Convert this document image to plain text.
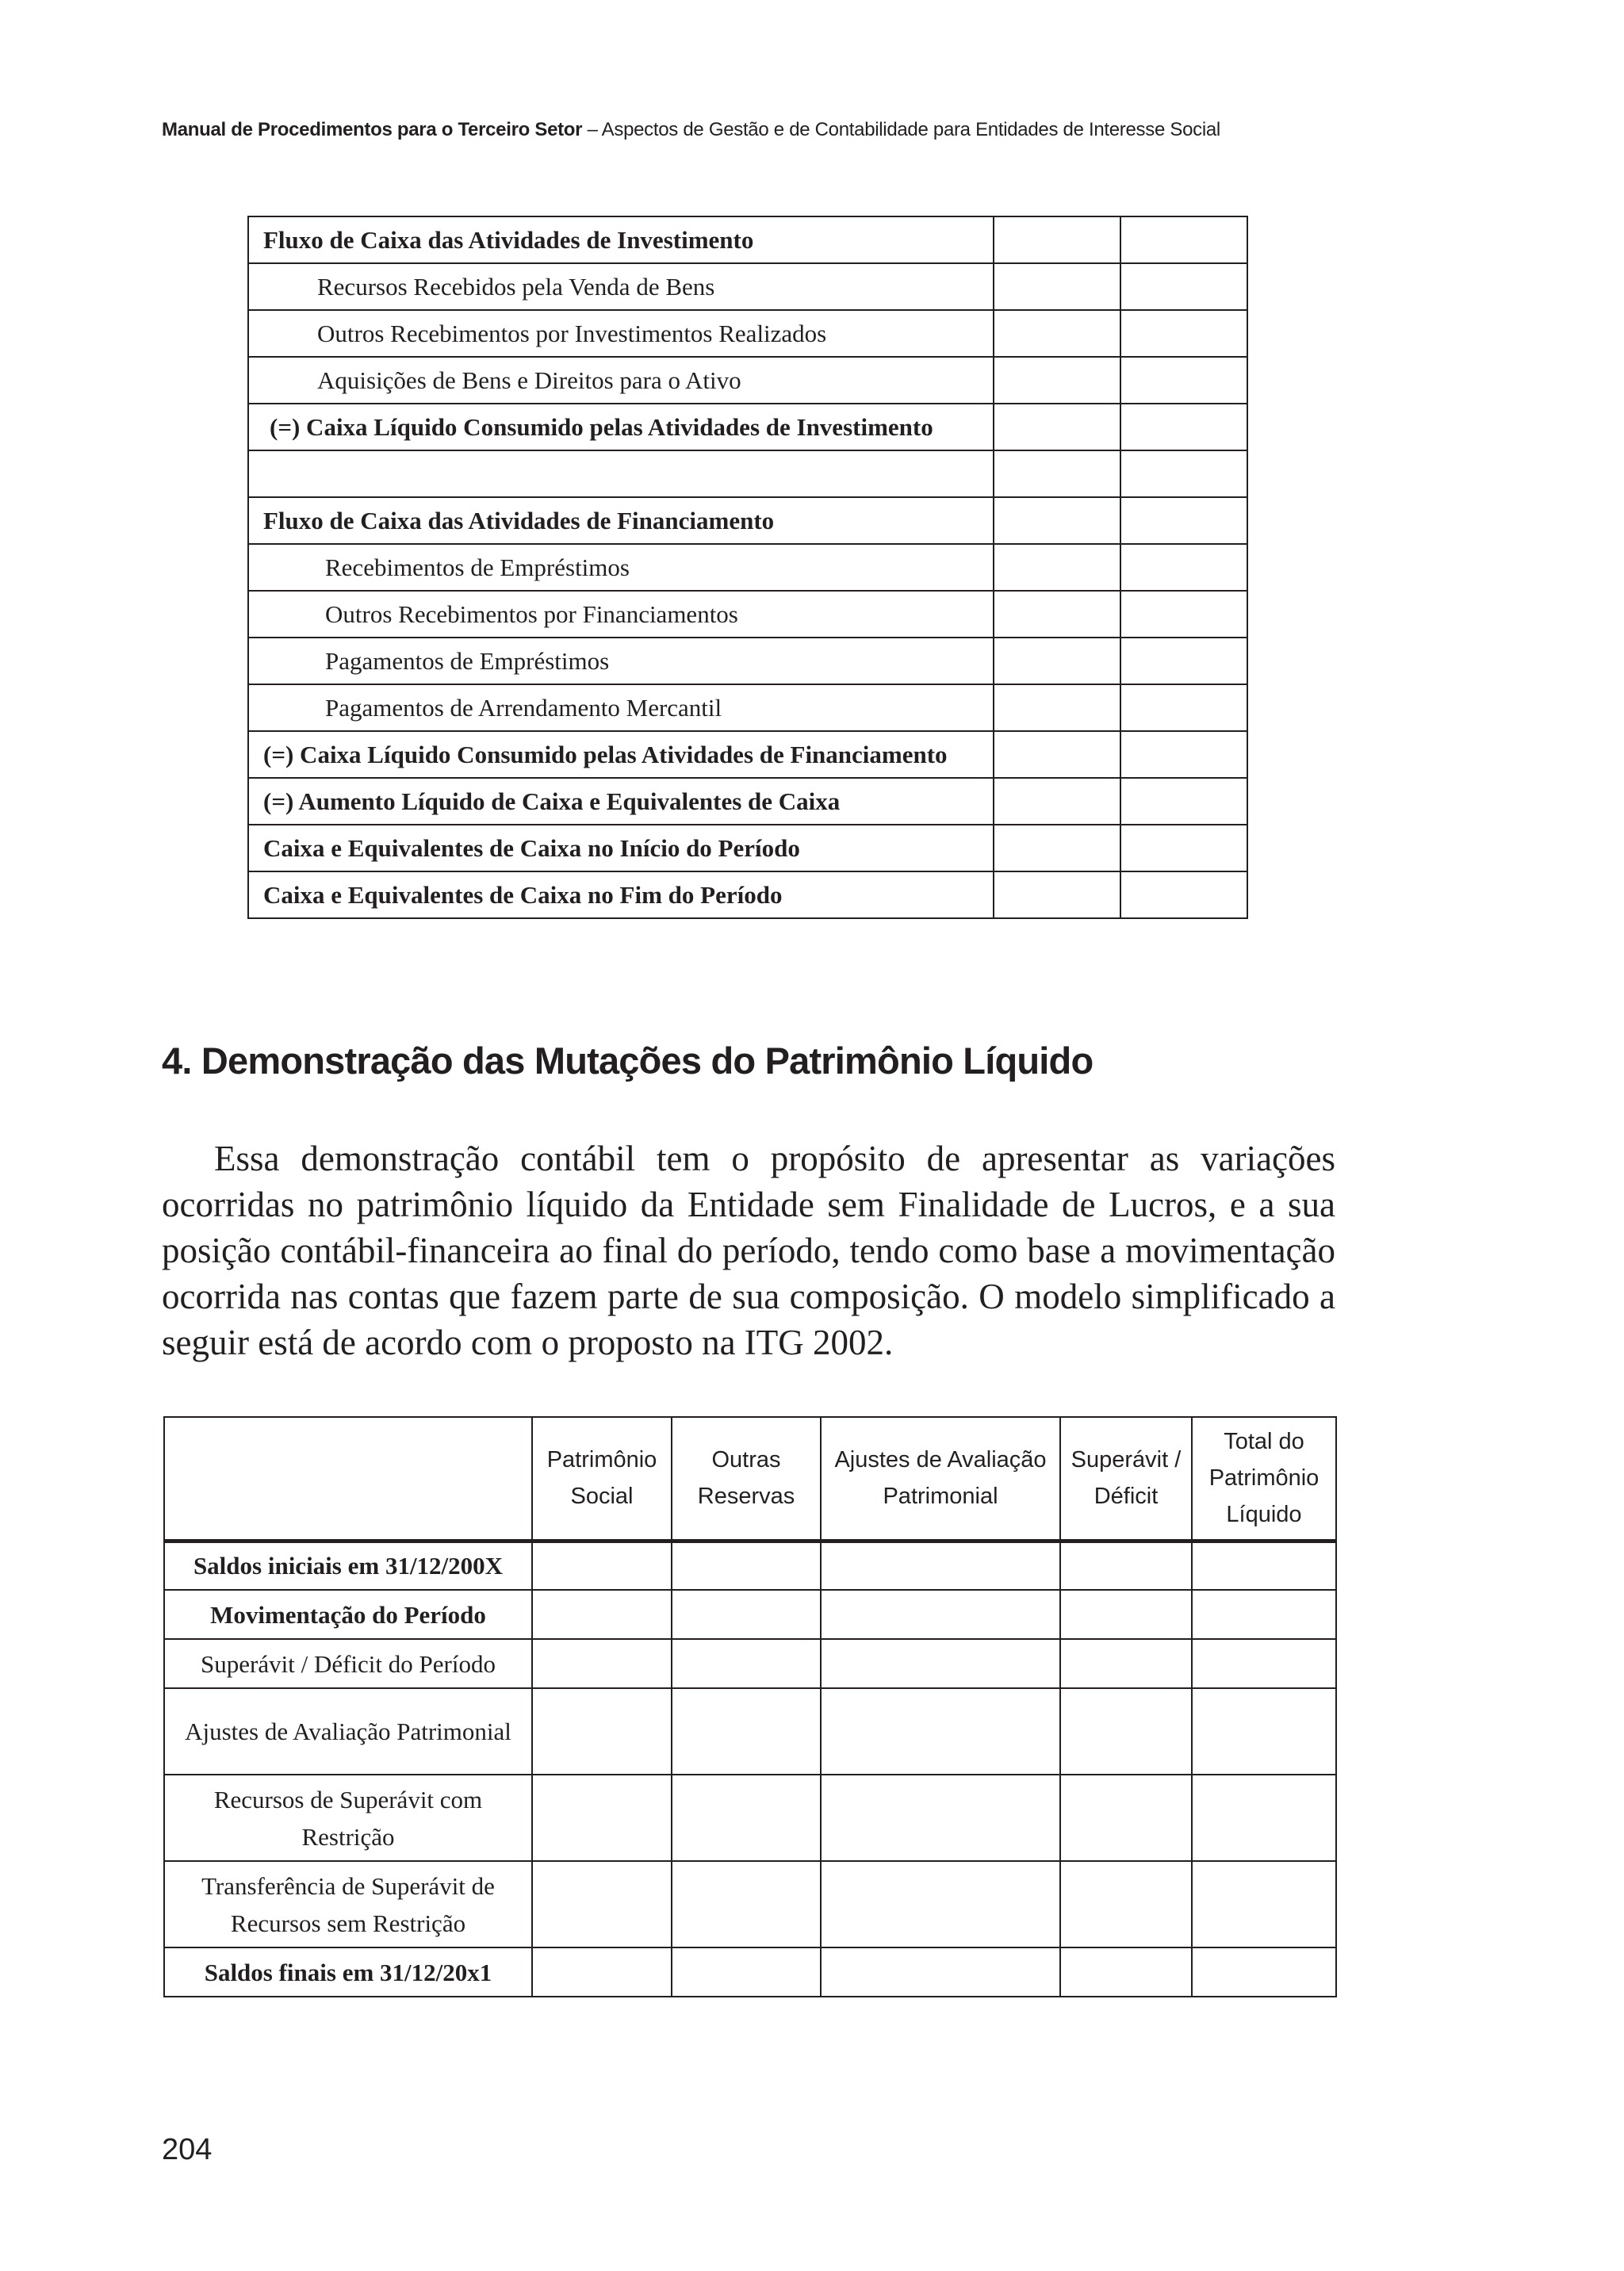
Manual de Procedimentos para o Terceiro Setor – Aspectos de Gestão e de Contabilidade para Entidades de Interesse Social
Fluxo de Caixa das Atividades de Investimento		
Recursos Recebidos pela Venda de Bens		
Outros Recebimentos por Investimentos Realizados		
Aquisições de Bens e Direitos para o Ativo		
(=) Caixa Líquido Consumido pelas Atividades de Investimento		

Fluxo de Caixa das Atividades de Financiamento		
Recebimentos de Empréstimos		
Outros Recebimentos por Financiamentos		
Pagamentos de Empréstimos		
Pagamentos de Arrendamento Mercantil		
(=) Caixa Líquido Consumido pelas Atividades de Financiamento		
(=) Aumento Líquido de Caixa e Equivalentes de Caixa		
Caixa e Equivalentes de Caixa no Início do Período		
Caixa e Equivalentes de Caixa no Fim do Período		
4. Demonstração das Mutações do Patrimônio Líquido

Essa demonstração contábil tem o propósito de apresentar as variações ocorridas no patrimônio líquido da Entidade sem Finalidade de Lucros, e a sua posição contábil-financeira ao final do período, tendo como base a movimentação ocorrida nas contas que fazem parte de sua composição. O modelo simplificado a seguir está de acordo com o proposto na ITG 2002.

	Patrimônio Social	Outras Reservas	Ajustes de Avaliação Patrimonial	Superávit / Déficit	Total do Patrimônio Líquido
Saldos iniciais em 31/12/200X					
Movimentação do Período					
Superávit / Déficit do Período					
Ajustes de Avaliação Patrimonial					
Recursos de Superávit com Restrição					
Transferência de Superávit de Recursos sem Restrição					
Saldos finais em 31/12/20x1					
204
